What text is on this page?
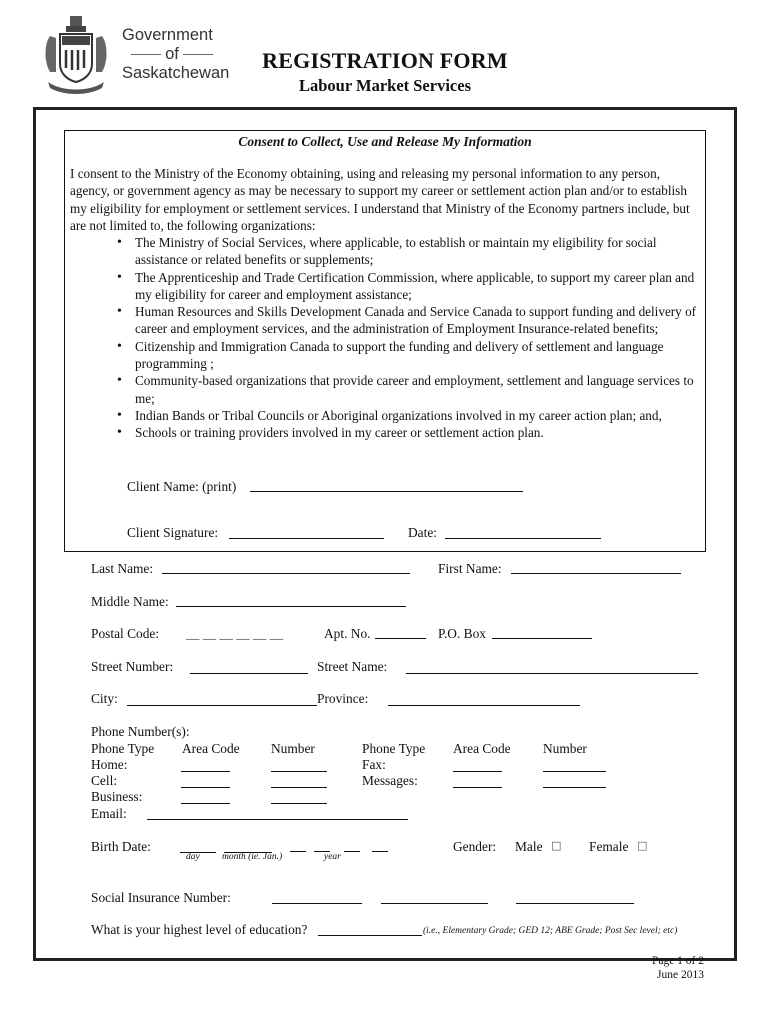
Government
of
Saskatchewan	REGISTRATION FORM
Labour Market Services
Consent to Collect, Use and Release My Information
I consent to the Ministry of the Economy obtaining, using and releasing my personal information to any person, agency, or government agency as may be necessary to support my career or settlement action plan and/or to establish my eligibility for employment or settlement services. I understand that Ministry of the Economy partners include, but are not limited to, the following organizations:
• The Ministry of Social Services, where applicable, to establish or maintain my eligibility for social assistance or related benefits or supplements;
• The Apprenticeship and Trade Certification Commission, where applicable, to support my career plan and my eligibility for career and employment assistance;
• Human Resources and Skills Development Canada and Service Canada to support funding and delivery of career and employment services, and the administration of Employment Insurance-related benefits;
• Citizenship and Immigration Canada to support the funding and delivery of settlement and language programming ;
• Community-based organizations that provide career and employment, settlement and language services to me;
• Indian Bands or Tribal Councils or Aboriginal organizations involved in my career action plan; and,
• Schools or training providers involved in my career or settlement action plan.
Client Name: (print)
Client Signature:	Date:
Last Name:	First Name:
Middle Name:
Postal Code: __ __ __ __ __ __	Apt. No.	P.O. Box
Street Number:	Street Name:
City:	Province:
Phone Number(s):
Phone Type Area Code Number	Phone Type Area Code Number
Home:	Fax:
Cell:	Messages:
Business:
Email:
Birth Date:
day month (ie. Jan.)	year
Gender: Male □ Female □
Social Insurance Number:
What is your highest level of education?	(i.e., Elementary Grade; GED 12; ABE Grade; Post Sec level; etc)
Page 1 of 2
June 2013
